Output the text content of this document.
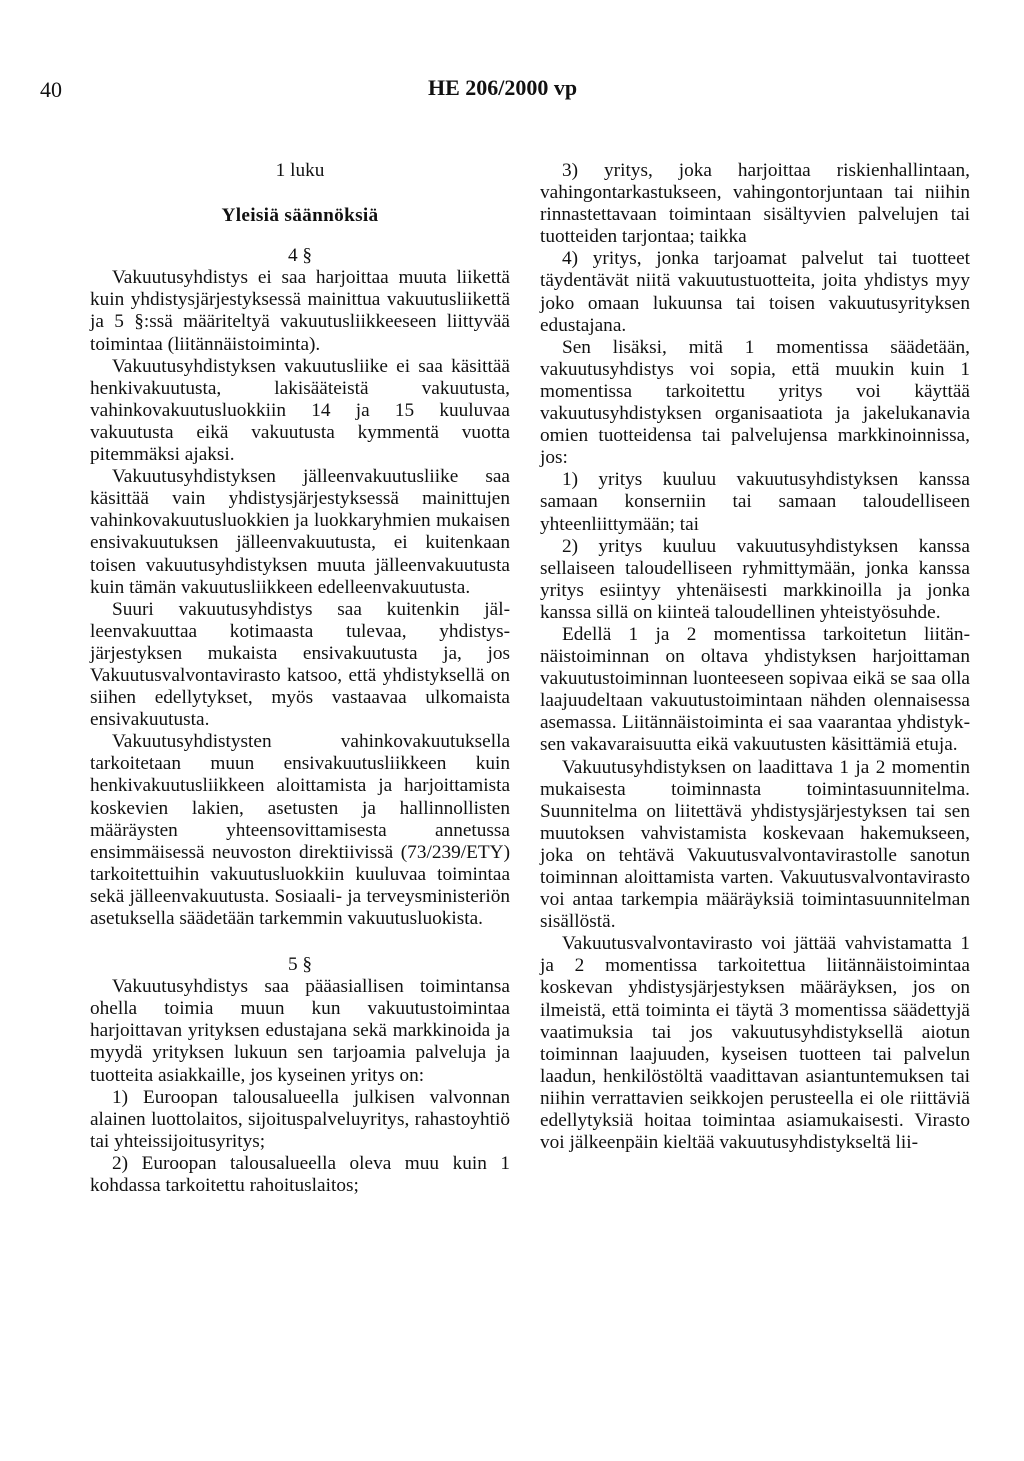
40	HE 206/2000 vp
1 luku
Yleisiä säännöksiä
4 §

Vakuutusyhdistys ei saa harjoittaa muuta liikettä kuin yhdistysjärjestyksessä mainittua vakuutusliikettä ja 5 §:ssä määriteltyä vakuutusliikkeeseen liittyvää toimintaa (liitännäistoiminta).

Vakuutusyhdistyksen vakuutusliike ei saa käsittää henkivakuutusta, lakisääteistä vakuutusta, vahinkovakuutusluokkiin 14 ja 15 kuuluvaa vakuutusta eikä vakuutusta kymmentä vuotta pitemmäksi ajaksi.

Vakuutusyhdistyksen jälleenvakuutusliike saa käsittää vain yhdistysjärjestyksessä mainittujen vahinkovakuutusluokkien ja luokkaryhmien mukaisen ensivakuutuksen jälleenvakuutusta, ei kuitenkaan toisen vakuutusyhdistyksen muuta jälleenvakuutusta kuin tämän vakuutusliikkeen edelleenvakuutusta.

Suuri vakuutusyhdistys saa kuitenkin jälleenvakuuttaa kotimaasta tulevaa, yhdistysjärjestyksen mukaista ensivakuutusta ja, jos Vakuutusvalvontavirasto katsoo, että yhdistyksellä on siihen edellytykset, myös vastaavaa ulkomaista ensivakuutusta.

Vakuutusyhdistysten vahinkovakuutuksella tarkoitetaan muun ensivakuutusliikkeen kuin henkivakuutusliikkeen aloittamista ja harjoittamista koskevien lakien, asetusten ja hallinnollisten määräysten yhteensovittamisesta annetussa ensimmäisessä neuvoston direktiivissä (73/239/ETY) tarkoitettuihin vakuutusluokkiin kuuluvaa toimintaa sekä jälleenvakuutusta. Sosiaali- ja terveysministeriön asetuksella säädetään tarkemmin vakuutusluokista.

5 §

Vakuutusyhdistys saa pääasiallisen toimintansa ohella toimia muun kun vakuutustoimintaa harjoittavan yrityksen edustajana sekä markkinoida ja myydä yrityksen lukuun sen tarjoamia palveluja ja tuotteita asiakkaille, jos kyseinen yritys on:

1) Euroopan talousalueella julkisen valvonnan alainen luottolaitos, sijoituspalveluyritys, rahastoyhtiö tai yhteissijoitusyritys;

2) Euroopan talousalueella oleva muu kuin 1 kohdassa tarkoitettu rahoituslaitos;

3) yritys, joka harjoittaa riskienhallintaan, vahingontarkastukseen, vahingontorjuntaan tai niihin rinnastettavaan toimintaan sisältyvien palvelujen tai tuotteiden tarjontaa; taikka

4) yritys, jonka tarjoamat palvelut tai tuotteet täydentävät niitä vakuutustuotteita, joita yhdistys myy joko omaan lukuunsa tai toisen vakuutusyrityksen edustajana.

Sen lisäksi, mitä 1 momentissa säädetään, vakuutusyhdistys voi sopia, että muukin kuin 1 momentissa tarkoitettu yritys voi käyttää vakuutusyhdistyksen organisaatiota ja jakelukanavia omien tuotteidensa tai palvelujensa markkinoinnissa, jos:

1) yritys kuuluu vakuutusyhdistyksen kanssa samaan konserniin tai samaan taloudelliseen yhteenliittymään; tai

2) yritys kuuluu vakuutusyhdistyksen kanssa sellaiseen taloudelliseen ryhmittymään, jonka kanssa yritys esiintyy yhtenäisesti markkinoilla ja jonka kanssa sillä on kiinteä taloudellinen yhteistyösuhde.

Edellä 1 ja 2 momentissa tarkoitetun liitännäistoiminnan on oltava yhdistyksen harjoittaman vakuutustoiminnan luonteeseen sopivaa eikä se saa olla laajuudeltaan vakuutustoimintaan nähden olennaisessa asemassa. Liitännäistoiminta ei saa vaarantaa yhdistyksen vakavaraisuutta eikä vakuutusten käsittämiä etuja.

Vakuutusyhdistyksen on laadittava 1 ja 2 momentin mukaisesta toiminnasta toimintasuunnitelma. Suunnitelma on liitettävä yhdistysjärjestyksen tai sen muutoksen vahvistamista koskevaan hakemukseen, joka on tehtävä Vakuutusvalvontavirastolle sanotun toiminnan aloittamista varten. Vakuutusvalvontavirasto voi antaa tarkempia määräyksiä toimintasuunnitelman sisällöstä.

Vakuutusvalvontavirasto voi jättää vahvistamatta 1 ja 2 momentissa tarkoitettua liitännäistoimintaa koskevan yhdistysjärjestyksen määräyksen, jos on ilmeistä, että toiminta ei täytä 3 momentissa säädettyjä vaatimuksia tai jos vakuutusyhdistyksellä aiotun toiminnan laajuuden, kyseisen tuotteen tai palvelun laadun, henkilöstöltä vaadittavan asiantuntemuksen tai niihin verrattavien seikkojen perusteella ei ole riittäviä edellytyksiä hoitaa toimintaa asiamukaisesti. Virasto voi jälkeenpäin kieltää vakuutusyhdistykseltä lii-
